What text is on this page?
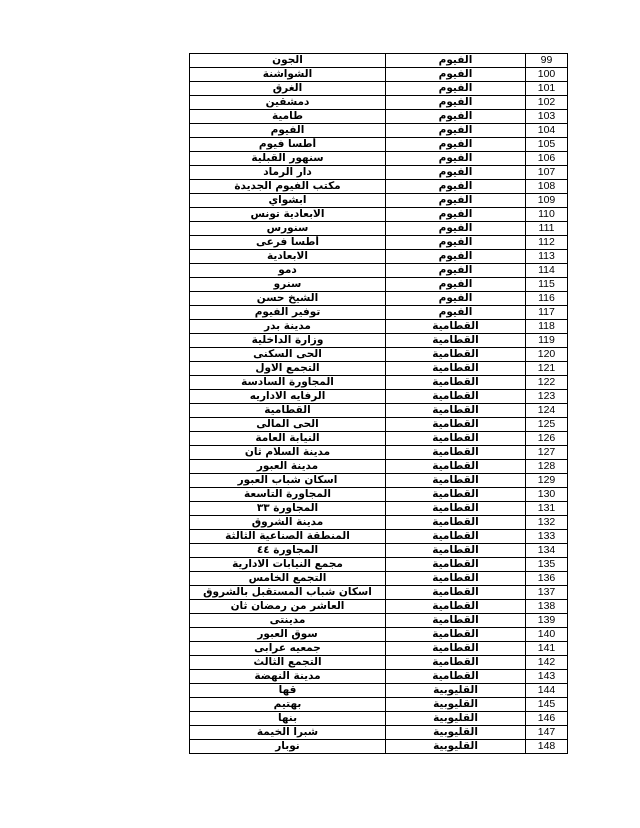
الجون	الفيوم	99
الشواشنة	الفيوم	100
الغرق	الفيوم	101
دمشقين	الفيوم	102
طامية	الفيوم	103
الفيوم	الفيوم	104
أطسا فيوم	الفيوم	105
سنهور القبلية	الفيوم	106
دار الرماد	الفيوم	107
مكتب الفيوم الجديدة	الفيوم	108
ابشواي	الفيوم	109
الابعادية تونس	الفيوم	110
سنورس	الفيوم	111
أطسا فرعى	الفيوم	112
الابعادية	الفيوم	113
دمو	الفيوم	114
سنرو	الفيوم	115
الشيخ حسن	الفيوم	116
توفير الفيوم	الفيوم	117
مدينة بدر	القطامية	118
وزارة الداخلية	القطامية	119
الحى السكنى	القطامية	120
التجمع الاول	القطامية	121
المجاورة السادسة	القطامية	122
الرفايه الاداريه	القطامية	123
القطامية	القطامية	124
الحى المالى	القطامية	125
النيابة العامة	القطامية	126
مدينة السلام ثان	القطامية	127
مدينة العبور	القطامية	128
اسكان شباب العبور	القطامية	129
المجاورة التاسعة	القطامية	130
المجاورة ٣٣	القطامية	131
مدينة الشروق	القطامية	132
المنطقة الصناعية الثالثة	القطامية	133
المجاورة ٤٤	القطامية	134
مجمع النيابات الادارية	القطامية	135
التجمع الخامس	القطامية	136
اسكان شباب المستقبل بالشروق	القطامية	137
العاشر من رمضان ثان	القطامية	138
مدينتى	القطامية	139
سوق العبور	القطامية	140
جمعيه عرابى	القطامية	141
التجمع الثالث	القطامية	142
مدينة النهضة	القطامية	143
قها	القليوبية	144
بهتيم	القليوبية	145
بنها	القليوبية	146
شبرا الخيمة	القليوبية	147
نوبار	القليوبية	148
